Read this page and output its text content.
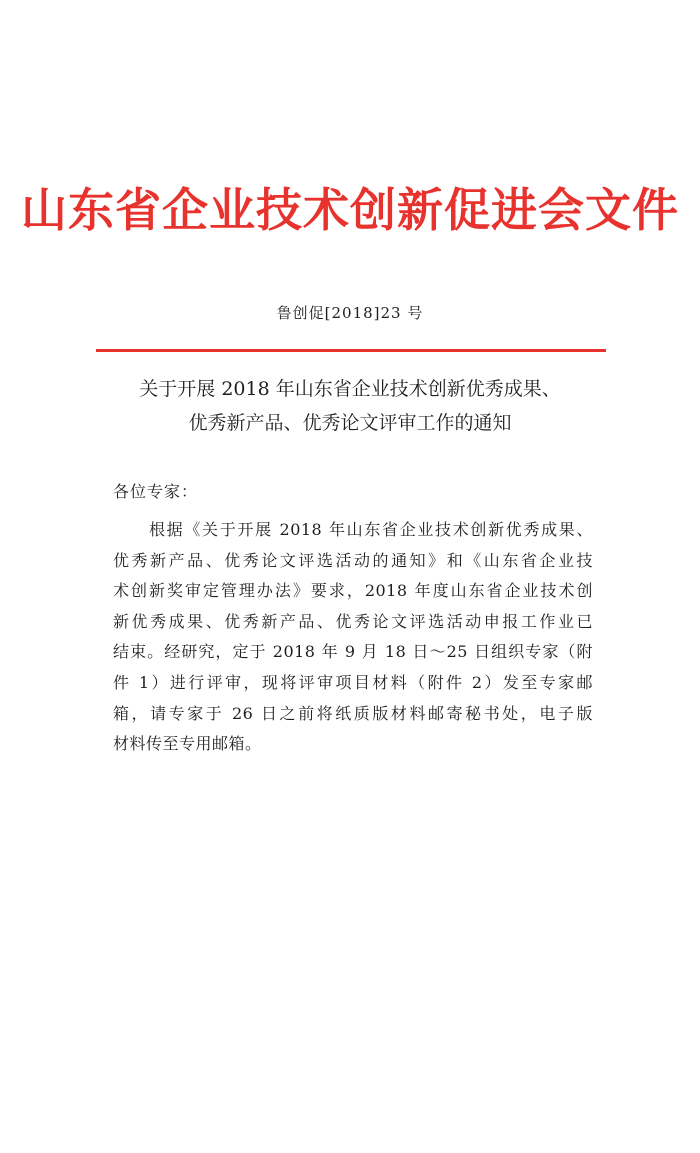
山东省企业技术创新促进会文件
鲁创促[2018]23 号
关于开展 2018 年山东省企业技术创新优秀成果、
优秀新产品、优秀论文评审工作的通知
各位专家：
根据《关于开展 2018 年山东省企业技术创新优秀成果、
优秀新产品、优秀论文评选活动的通知》和《山东省企业技
术创新奖审定管理办法》要求，2018 年度山东省企业技术创
新优秀成果、优秀新产品、优秀论文评选活动申报工作业已
结束。经研究，定于 2018 年 9 月 18 日～25 日组织专家（附
件 1）进行评审，现将评审项目材料（附件 2）发至专家邮
箱，请专家于 26 日之前将纸质版材料邮寄秘书处，电子版
材料传至专用邮箱。
